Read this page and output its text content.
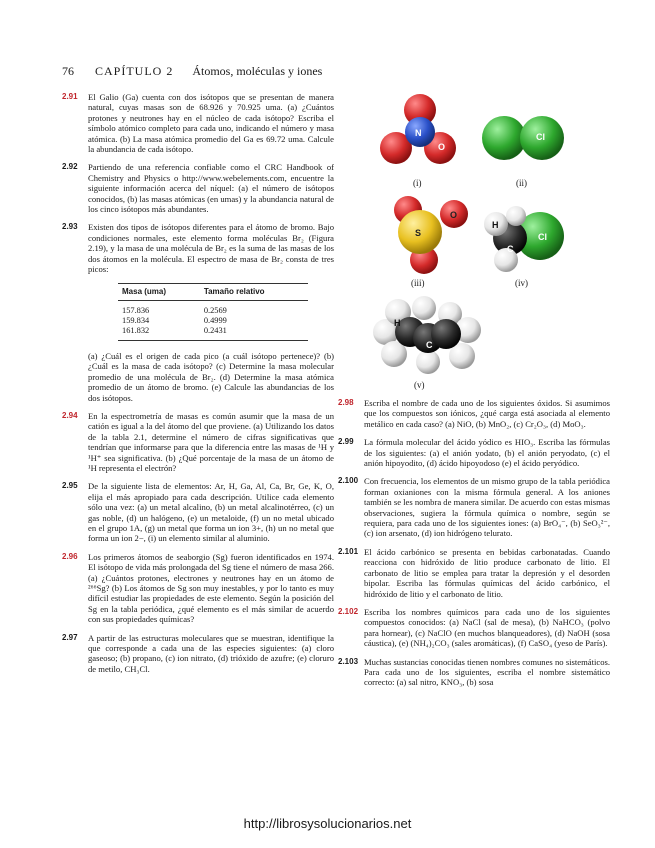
76 CAPÍTULO 2 Átomos, moléculas y iones
2.91 El Galio (Ga) cuenta con dos isótopos que se presentan de manera natural, cuyas masas son de 68.926 y 70.925 uma. (a) ¿Cuántos protones y neutrones hay en el núcleo de cada isótopo? Escriba el símbolo atómico completo para cada uno, indicando el número y masa atómica. (b) La masa atómica promedio del Ga es 69.72 uma. Calcule la abundancia de cada isótopo.
2.92 Partiendo de una referencia confiable como el CRC Handbook of Chemistry and Physics o http://www.webelements.com, encuentre la siguiente información acerca del níquel: (a) el número de isótopos conocidos, (b) las masas atómicas (en umas) y la abundancia natural de los cinco isótopos más abundantes.
2.93 Existen dos tipos de isótopos diferentes para el átomo de bromo. Bajo condiciones normales, este elemento forma moléculas Br₂ (Figura 2.19), y la masa de una molécula de Br₂ es la suma de las masas de los dos átomos en la molécula. El espectro de masa de Br₂ consta de tres picos:
Masa (uma)	Tamaño relativo
157.836	0.2569
159.834	0.4999
161.832	0.2431
(a) ¿Cuál es el origen de cada pico (a cuál isótopo pertenece)? (b) ¿Cuál es la masa de cada isótopo? (c) Determine la masa molecular promedio de una molécula de Br₂. (d) Determine la masa atómica promedio de un átomo de bromo. (e) Calcule las abundancias de los dos isótopos.
2.94 En la espectrometría de masas es común asumir que la masa de un catión es igual a la del átomo del que proviene. (a) Utilizando los datos de la tabla 2.1, determine el número de cifras significativas que tendrían que informarse para que la diferencia entre las masas de ¹H y ¹H⁺ sea significativa. (b) ¿Qué porcentaje de la masa de un átomo de ¹H representa el electrón?
2.95 De la siguiente lista de elementos: Ar, H, Ga, Al, Ca, Br, Ge, K, O, elija el más apropiado para cada descripción. Utilice cada elemento sólo una vez: (a) un metal alcalino, (b) un metal alcalinotérreo, (c) un gas noble, (d) un halógeno, (e) un metaloide, (f) un no metal ubicado en el grupo 1A, (g) un metal que forma un ion 3+, (h) un no metal que forma un ion 2−, (i) un elemento similar al aluminio.
2.96 Los primeros átomos de seaborgio (Sg) fueron identificados en 1974. El isótopo de vida más prolongada del Sg tiene el número de masa 266. (a) ¿Cuántos protones, electrones y neutrones hay en un átomo de ²⁶⁶Sg? (b) Los átomos de Sg son muy inestables, y por lo tanto es muy difícil estudiar las propiedades de este elemento. Según la posición del Sg en la tabla periódica, ¿qué elemento es el más similar de acuerdo con sus propiedades químicas?
2.97 A partir de las estructuras moleculares que se muestran, identifique la que corresponde a cada una de las especies siguientes: (a) cloro gaseoso; (b) propano, (c) ion nitrato, (d) trióxido de azufre; (e) cloruro de metilo, CH₃Cl.
N
O
(i)
Cl
(ii)
S
O
(iii)
H
C
Cl
(iv)
H
C
(v)
2.98 Escriba el nombre de cada uno de los siguientes óxidos. Si asumimos que los compuestos son iónicos, ¿qué carga está asociada al elemento metálico en cada caso? (a) NiO, (b) MnO₂, (c) Cr₂O₃, (d) MoO₃.
2.99 La fórmula molecular del ácido yódico es HIO₃. Escriba las fórmulas de los siguientes: (a) el anión yodato, (b) el anión peryodato, (c) el anión hipoyodito, (d) ácido hipoyodoso (e) el ácido peryódico.
2.100 Con frecuencia, los elementos de un mismo grupo de la tabla periódica forman oxianiones con la misma fórmula general. A los aniones también se les nombra de manera similar. De acuerdo con estas mismas observaciones, sugiera la fórmula química o nombre, según se requiera, para cada uno de los siguientes iones: (a) BrO₄⁻, (b) SeO₃²⁻, (c) ion arsenato, (d) ion hidrógeno telurato.
2.101 El ácido carbónico se presenta en bebidas carbonatadas. Cuando reacciona con hidróxido de litio produce carbonato de litio. El carbonato de litio se emplea para tratar la depresión y el desorden bipolar. Escriba las fórmulas químicas del ácido carbónico, el hidróxido de litio y el carbonato de litio.
2.102 Escriba los nombres químicos para cada uno de los siguientes compuestos conocidos: (a) NaCl (sal de mesa), (b) NaHCO₃ (polvo para hornear), (c) NaClO (en muchos blanqueadores), (d) NaOH (sosa cáustica), (e) (NH₄)₂CO₃ (sales aromáticas), (f) CaSO₄ (yeso de París).
2.103 Muchas sustancias conocidas tienen nombres comunes no sistemáticos. Para cada uno de los siguientes, escriba el nombre sistemático correcto: (a) sal nitro, KNO₃, (b) sosa
http://librosysolucionarios.net
